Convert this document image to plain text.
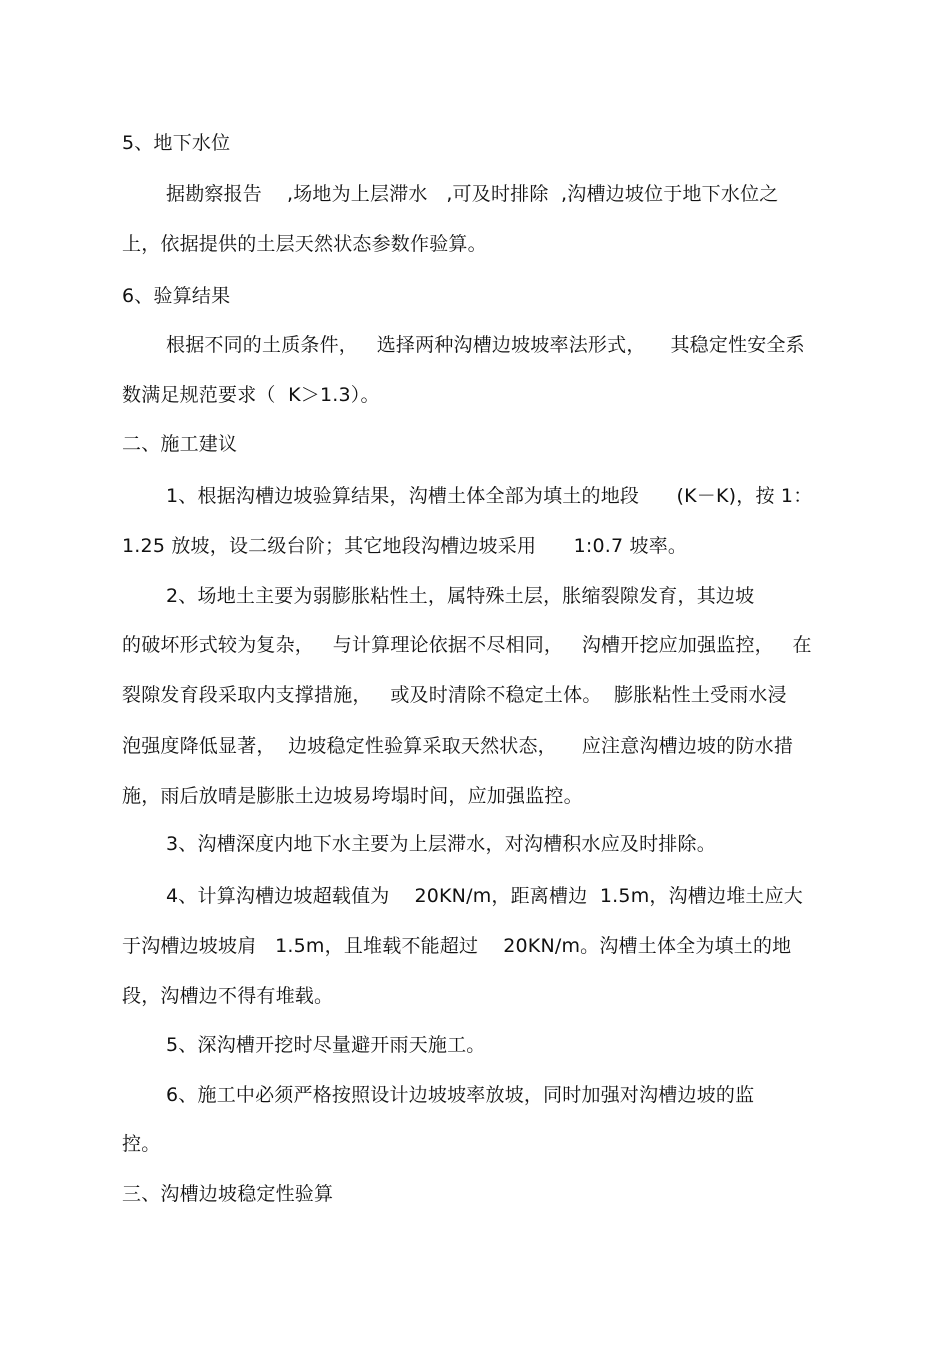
5、地下水位
据勘察报告    ,场地为上层滞水   ,可及时排除  ,沟槽边坡位于地下水位之
上，依据提供的土层天然状态参数作验算。
6、验算结果
根据不同的土质条件，   选择两种沟槽边坡坡率法形式，    其稳定性安全系
数满足规范要求（  K＞1.3）。
二、施工建议
1、根据沟槽边坡验算结果，沟槽土体全部为填土的地段      (K－K)，按 1：
1.25 放坡，设二级台阶；其它地段沟槽边坡采用      1:0.7 坡率。
2、场地土主要为弱膨胀粘性土，属特殊土层，胀缩裂隙发育，其边坡
的破坏形式较为复杂，   与计算理论依据不尽相同，   沟槽开挖应加强监控，   在
裂隙发育段采取内支撑措施，   或及时清除不稳定土体。  膨胀粘性土受雨水浸
泡强度降低显著，  边坡稳定性验算采取天然状态，    应注意沟槽边坡的防水措
施，雨后放晴是膨胀土边坡易垮塌时间，应加强监控。
3、沟槽深度内地下水主要为上层滞水，对沟槽积水应及时排除。
4、计算沟槽边坡超载值为    20KN/m，距离槽边  1.5m，沟槽边堆土应大
于沟槽边坡坡肩   1.5m，且堆载不能超过    20KN/m。沟槽土体全为填土的地
段，沟槽边不得有堆载。
5、深沟槽开挖时尽量避开雨天施工。
6、施工中必须严格按照设计边坡坡率放坡，同时加强对沟槽边坡的监
控。
三、沟槽边坡稳定性验算
